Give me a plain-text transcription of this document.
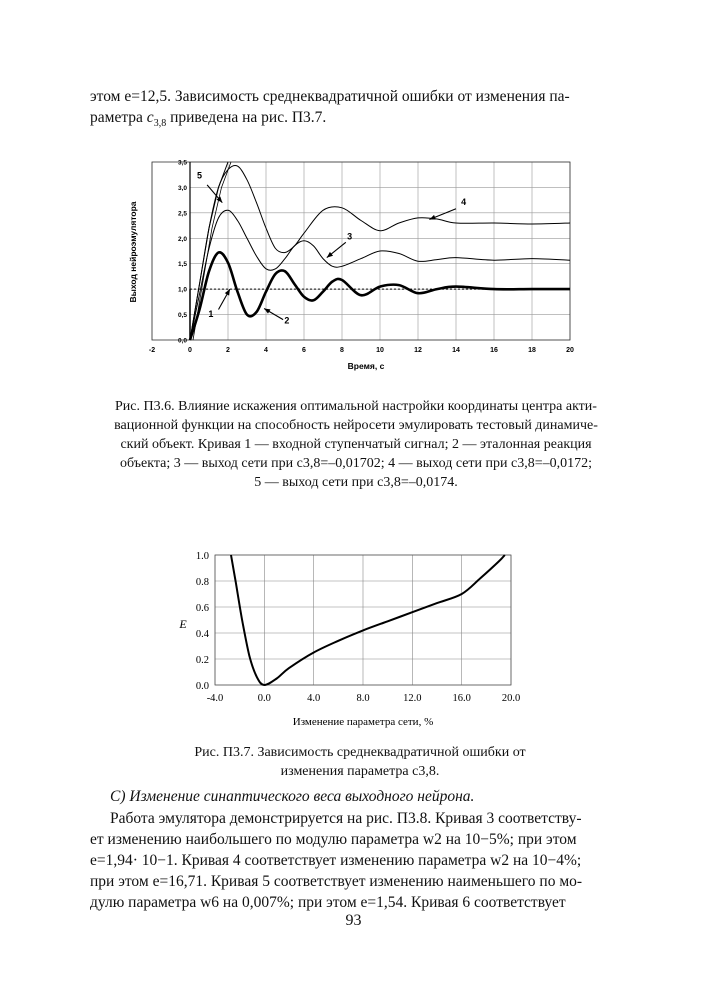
этом e=12,5. Зависимость среднеквадратичной ошибки от изменения па-
раметра $c_{3,8}$ приведена на рис. П3.7.

-2	0	2	4	6	8	10	12	14	16	18	20
0,0
0,5
1,0
1,5
2,0
2,5
3,0
3,5
Время, с
Выход нейроэмулятора
1
2
3
4
5
Рис. П3.6. Влияние искажения оптимальной настройки координаты центра акти-
вационной функции на способность нейросети эмулировать тестовый динамиче-
ский объект. Кривая 1 — входной ступенчатый сигнал; 2 — эталонная реакция
объекта; 3 — выход сети при c3,8=–0,01702; 4 — выход сети при c3,8=–0,0172;
5 — выход сети при c3,8=–0,0174.
-4.0	0.0	4.0	8.0	12.0	16.0	20.0
0.0
0.2
0.4
0.6
0.8
1.0
Изменение параметра сети, %
E
Рис. П3.7. Зависимость среднеквадратичной ошибки от
изменения параметра c3,8.

С) Изменение синаптического веса выходного нейрона.

Работа эмулятора демонстрируется на рис. П3.8. Кривая 3 соответству-
ет изменению наибольшего по модулю параметра w2 на 10−5%; при этом
e=1,94· 10−1. Кривая 4 соответствует изменению параметра w2 на 10−4%;
при этом e=16,71. Кривая 5 соответствует изменению наименьшего по мо-
дулю параметра w6 на 0,007%; при этом e=1,54. Кривая 6 соответствует

93
